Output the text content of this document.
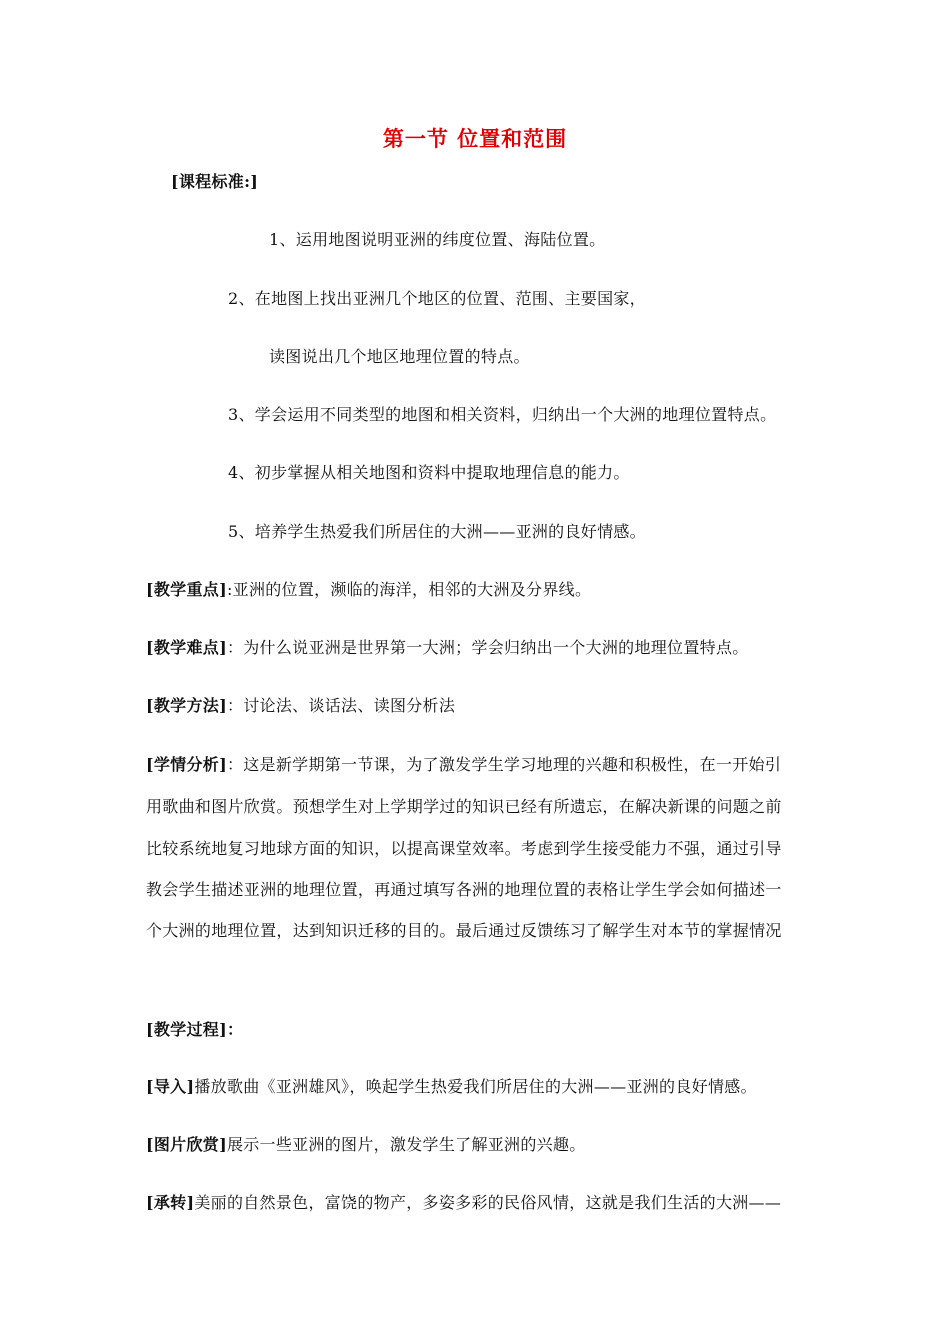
第一节 位置和范围
[课程标准:]
1、运用地图说明亚洲的纬度位置、海陆位置。
2、在地图上找出亚洲几个地区的位置、范围、主要国家，
读图说出几个地区地理位置的特点。
3、学会运用不同类型的地图和相关资料，归纳出一个大洲的地理位置特点。
4、初步掌握从相关地图和资料中提取地理信息的能力。
5、培养学生热爱我们所居住的大洲——亚洲的良好情感。
[教学重点]:亚洲的位置，濒临的海洋，相邻的大洲及分界线。
[教学难点]：为什么说亚洲是世界第一大洲；学会归纳出一个大洲的地理位置特点。
[教学方法]：讨论法、谈话法、读图分析法
[学情分析]：这是新学期第一节课，为了激发学生学习地理的兴趣和积极性，在一开始引
用歌曲和图片欣赏。预想学生对上学期学过的知识已经有所遗忘，在解决新课的问题之前
比较系统地复习地球方面的知识，以提高课堂效率。考虑到学生接受能力不强，通过引导
教会学生描述亚洲的地理位置，再通过填写各洲的地理位置的表格让学生学会如何描述一
个大洲的地理位置，达到知识迁移的目的。最后通过反馈练习了解学生对本节的掌握情况
[教学过程]：
[导入]播放歌曲《亚洲雄风》，唤起学生热爱我们所居住的大洲——亚洲的良好情感。
[图片欣赏]展示一些亚洲的图片，激发学生了解亚洲的兴趣。
[承转]美丽的自然景色，富饶的物产，多姿多彩的民俗风情，这就是我们生活的大洲——
